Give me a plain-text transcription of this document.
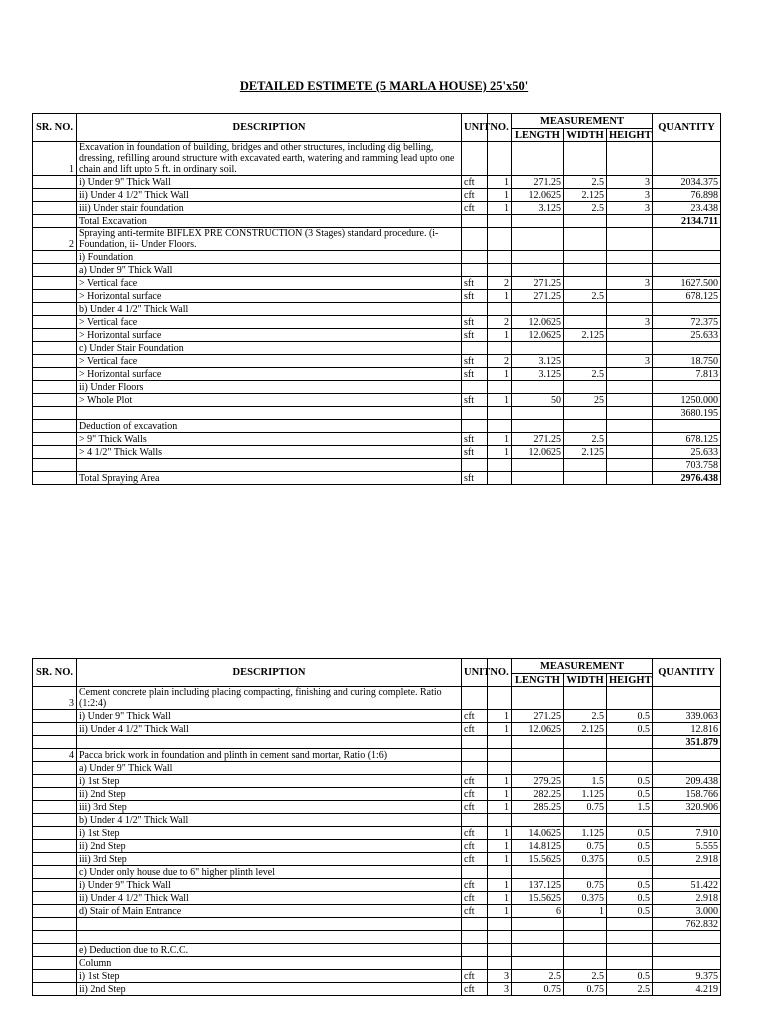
DETAILED ESTIMETE (5 MARLA HOUSE) 25'x50'
SR. NO.	DESCRIPTION	UNIT	NO.	MEASUREMENT			QUANTITY
				LENGTH	WIDTH	HEIGHT	
1	Excavation in foundation of building, bridges and other structures, including dig belling, dressing, refilling around structure with excavated earth, watering and ramming lead upto one chain and lift upto 5 ft. in ordinary soil.						
	i) Under 9" Thick Wall	cft	1	271.25	2.5	3	2034.375
	ii) Under 4 1/2" Thick Wall	cft	1	12.0625	2.125	3	76.898
	iii) Under stair foundation	cft	1	3.125	2.5	3	23.438
	Total Excavation						2134.711
2	Spraying anti-termite BIFLEX PRE CONSTRUCTION (3 Stages) standard procedure. (i-Foundation, ii- Under Floors.						
	i) Foundation						
	a) Under 9" Thick Wall						
	> Vertical face	sft	2	271.25		3	1627.500
	> Horizontal surface	sft	1	271.25	2.5		678.125
	b) Under 4 1/2" Thick Wall						
	> Vertical face	sft	2	12.0625		3	72.375
	> Horizontal surface	sft	1	12.0625	2.125		25.633
	c) Under Stair Foundation						
	> Vertical face	sft	2	3.125		3	18.750
	> Horizontal surface	sft	1	3.125	2.5		7.813
	ii) Under Floors						
	> Whole Plot	sft	1	50	25		1250.000
							3680.195
	Deduction of excavation						
	> 9" Thick Walls	sft	1	271.25	2.5		678.125
	> 4 1/2" Thick Walls	sft	1	12.0625	2.125		25.633
							703.758
	Total Spraying Area	sft					2976.438
SR. NO.	DESCRIPTION	UNIT	NO.	MEASUREMENT			QUANTITY
				LENGTH	WIDTH	HEIGHT	
3	Cement concrete plain including placing compacting, finishing and curing complete. Ratio (1:2:4)						
	i) Under 9" Thick Wall	cft	1	271.25	2.5	0.5	339.063
	ii) Under 4 1/2" Thick Wall	cft	1	12.0625	2.125	0.5	12.816
							351.879
4	Pacca brick work in foundation and plinth in cement sand mortar, Ratio (1:6)						
	a) Under 9" Thick Wall						
	i) 1st Step	cft	1	279.25	1.5	0.5	209.438
	ii) 2nd Step	cft	1	282.25	1.125	0.5	158.766
	iii) 3rd Step	cft	1	285.25	0.75	1.5	320.906
	b) Under 4 1/2" Thick Wall						
	i) 1st Step	cft	1	14.0625	1.125	0.5	7.910
	ii) 2nd Step	cft	1	14.8125	0.75	0.5	5.555
	iii) 3rd Step	cft	1	15.5625	0.375	0.5	2.918
	c) Under only house due to 6" higher plinth level						
	i) Under 9" Thick Wall	cft	1	137.125	0.75	0.5	51.422
	ii) Under 4 1/2" Thick Wall	cft	1	15.5625	0.375	0.5	2.918
	d) Stair of Main Entrance	cft	1	6	1	0.5	3.000
							762.832

	e) Deduction due to R.C.C.						
	Column						
	i) 1st Step	cft	3	2.5	2.5	0.5	9.375
	ii) 2nd Step	cft	3	0.75	0.75	2.5	4.219
